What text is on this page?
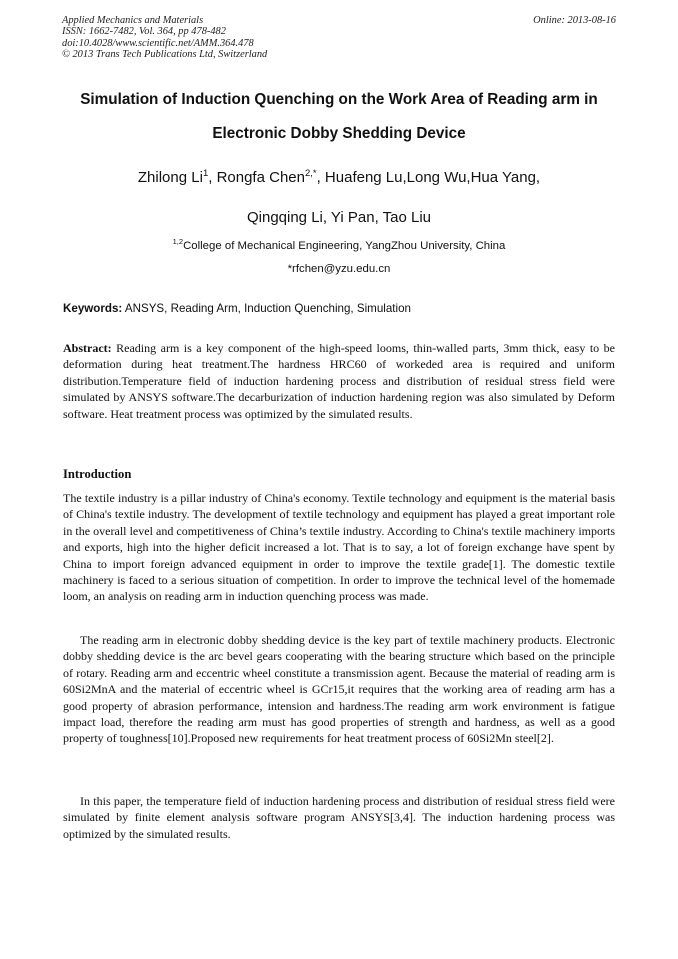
Applied Mechanics and Materials
ISSN: 1662-7482, Vol. 364, pp 478-482
doi:10.4028/www.scientific.net/AMM.364.478
© 2013 Trans Tech Publications Ltd, Switzerland
Online: 2013-08-16
Simulation of Induction Quenching on the Work Area of Reading arm in
Electronic Dobby Shedding Device
Zhilong Li$^1$, Rongfa Chen$^{2,*}$, Huafeng Lu,Long Wu,Hua Yang,
Qingqing Li, Yi Pan, Tao Liu
$^{1,2}$College of Mechanical Engineering, YangZhou University, China
*rfchen@yzu.edu.cn
Keywords: ANSYS, Reading Arm, Induction Quenching, Simulation

Abstract: Reading arm is a key component of the high-speed looms, thin-walled parts, 3mm thick, easy to be deformation during heat treatment.The hardness HRC60 of workeded area is required and uniform distribution.Temperature field of induction hardening process and distribution of residual stress field were simulated by ANSYS software.The decarburization of induction hardening region was also simulated by Deform software. Heat treatment process was optimized by the simulated results.

Introduction

The textile industry is a pillar industry of China's economy. Textile technology and equipment is the material basis of China's textile industry. The development of textile technology and equipment has played a great important role in the overall level and competitiveness of China’s textile industry. According to China's textile machinery imports and exports, high into the higher deficit increased a lot. That is to say, a lot of foreign exchange have spent by China to import foreign advanced equipment in order to improve the textile grade[1]. The domestic textile machinery is faced to a serious situation of competition. In order to improve the technical level of the homemade loom, an analysis on reading arm in induction quenching process was made.

The reading arm in electronic dobby shedding device is the key part of textile machinery products. Electronic dobby shedding device is the arc bevel gears cooperating with the bearing structure which based on the principle of rotary. Reading arm and eccentric wheel constitute a transmission agent. Because the material of reading arm is 60Si2MnA and the material of eccentric wheel is GCr15,it requires that the working area of reading arm has a good property of abrasion performance, intension and hardness.The reading arm work environment is fatigue impact load, therefore the reading arm must has good properties of strength and hardness, as well as a good property of toughness[10].Proposed new requirements for heat treatment process of 60Si2Mn steel[2].

In this paper, the temperature field of induction hardening process and distribution of residual stress field were simulated by finite element analysis software program ANSYS[3,4]. The induction hardening process was optimized by the simulated results.
